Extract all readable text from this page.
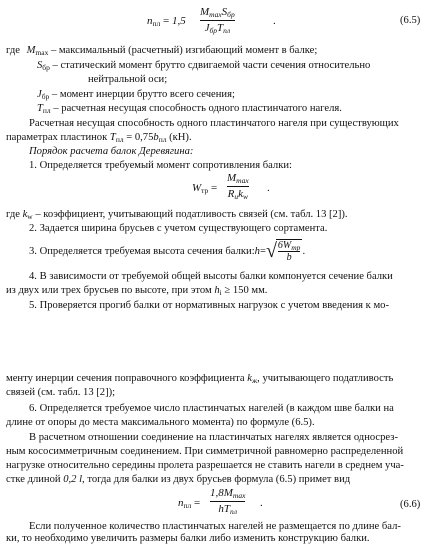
$n_{пл} = 1,5$
$M_{max}S_{бр}$
$J_{бр}T_{пл}$
.	(6.5)
где $M_{max}$ – максимальный (расчетный) изгибающий момент в балке;
$S_{бр}$ – статический момент брутто сдвигаемой части сечения относительно
нейтральной оси;
$J_{бр}$ – момент инерции брутто всего сечения;
$T_{пл}$ – расчетная несущая способность одного пластинчатого нагеля.
Расчетная несущая способность одного пластинчатого нагеля при существующих
параметрах пластинок $T_{пл} = 0,75b_{пл}$ (кН).
Порядок расчета балок Деревягина:
1. Определяется требуемый момент сопротивления балки:
$W_{тр}$ =
$M_{max}$
$R_иk_w$
.
где $k_w$ – коэффициент, учитывающий податливость связей (см. табл. 13 [2]).
2. Задается ширина брусьев с учетом существующего сортамента.
3. Определяется требуемая высота сечения балки: h = √ $6W_{тр}$
b
.
4. В зависимости от требуемой общей высоты балки компонуется сечение балки
из двух или трех брусьев по высоте, при этом $h_i \ge 150$ мм.
5. Проверяется прогиб балки от нормативных нагрузок с учетом введения к мо-
менту инерции сечения поправочного коэффициента $k_ж$, учитывающего податливость
связей (см. табл. 13 [2]);
6. Определяется требуемое число пластинчатых нагелей (в каждом шве балки на
длине от опоры до места максимального момента) по формуле (6.5).
В расчетном отношении соединение на пластинчатых нагелях является односрез-
ным кососимметричным соединением. При симметричной равномерно распределенной
нагрузке относительно середины пролета разрешается не ставить нагели в среднем уча-
стке длиной 0,2 l, тогда для балки из двух брусьев формула (6.5) примет вид
$n_{пл}$ =
$1,8M_{max}$
$hT_{пл}$
.	(6.6)
Если полученное количество пластинчатых нагелей не размещается по длине бал-
ки, то необходимо увеличить размеры балки либо изменить конструкцию балки.
